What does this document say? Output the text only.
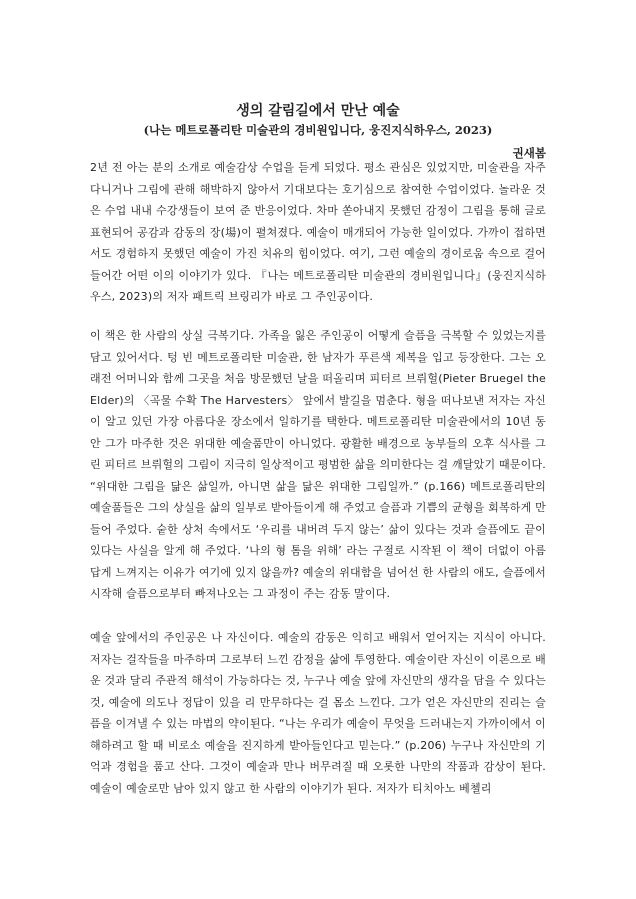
생의 갈림길에서 만난 예술
(나는 메트로폴리탄 미술관의 경비원입니다, 웅진지식하우스, 2023)
권새봄

2년 전 아는 분의 소개로 예술감상 수업을 듣게 되었다. 평소 관심은 있었지만, 미술관을 자주 다니거나 그림에 관해 해박하지 않아서 기대보다는 호기심으로 참여한 수업이었다. 놀라운 것은 수업 내내 수강생들이 보여 준 반응이었다. 차마 쏟아내지 못했던 감정이 그림을 통해 글로 표현되어 공감과 감동의 장(場)이 펼쳐졌다. 예술이 매개되어 가능한 일이었다. 가까이 접하면서도 경험하지 못했던 예술이 가진 치유의 힘이었다. 여기, 그런 예술의 경이로움 속으로 걸어 들어간 어떤 이의 이야기가 있다. 『나는 메트로폴리탄 미술관의 경비원입니다』(웅진지식하우스, 2023)의 저자 패트릭 브링리가 바로 그 주인공이다.

이 책은 한 사람의 상실 극복기다. 가족을 잃은 주인공이 어떻게 슬픔을 극복할 수 있었는지를 담고 있어서다. 텅 빈 메트로폴리탄 미술관, 한 남자가 푸른색 제복을 입고 등장한다. 그는 오래전 어머니와 함께 그곳을 처음 방문했던 날을 떠올리며 피터르 브뤼헐(Pieter Bruegel the Elder)의 〈곡물 수확 The Harvesters〉 앞에서 발길을 멈춘다. 형을 떠나보낸 저자는 자신이 알고 있던 가장 아름다운 장소에서 일하기를 택한다. 메트로폴리탄 미술관에서의 10년 동안 그가 마주한 것은 위대한 예술품만이 아니었다. 광활한 배경으로 농부들의 오후 식사를 그린 피터르 브뤼헐의 그림이 지극히 일상적이고 평범한 삶을 의미한다는 걸 깨달았기 때문이다. “위대한 그림을 닮은 삶일까, 아니면 삶을 닮은 위대한 그림일까.” (p.166) 메트로폴리탄의 예술품들은 그의 상실을 삶의 일부로 받아들이게 해 주었고 슬픔과 기쁨의 균형을 회복하게 만들어 주었다. 숱한 상처 속에서도 ‘우리를 내버려 두지 않는’ 삶이 있다는 것과 슬픔에도 끝이 있다는 사실을 알게 해 주었다. ‘나의 형 톰을 위해’ 라는 구절로 시작된 이 책이 더없이 아름답게 느껴지는 이유가 여기에 있지 않을까? 예술의 위대함을 넘어선 한 사람의 애도, 슬픔에서 시작해 슬픔으로부터 빠져나오는 그 과정이 주는 감동 말이다.

예술 앞에서의 주인공은 나 자신이다. 예술의 감동은 익히고 배워서 얻어지는 지식이 아니다. 저자는 걸작들을 마주하며 그로부터 느낀 감정을 삶에 투영한다. 예술이란 자신이 이론으로 배운 것과 달리 주관적 해석이 가능하다는 것, 누구나 예술 앞에 자신만의 생각을 담을 수 있다는 것, 예술에 의도나 정답이 있을 리 만무하다는 걸 몸소 느낀다. 그가 얻은 자신만의 진리는 슬픔을 이겨낼 수 있는 마법의 약이된다. “나는 우리가 예술이 무엇을 드러내는지 가까이에서 이해하려고 할 때 비로소 예술을 진지하게 받아들인다고 믿는다.” (p.206) 누구나 자신만의 기억과 경험을 품고 산다. 그것이 예술과 만나 버무려질 때 오롯한 나만의 작품과 감상이 된다. 예술이 예술로만 남아 있지 않고 한 사람의 이야기가 된다. 저자가 티치아노 베첼리
